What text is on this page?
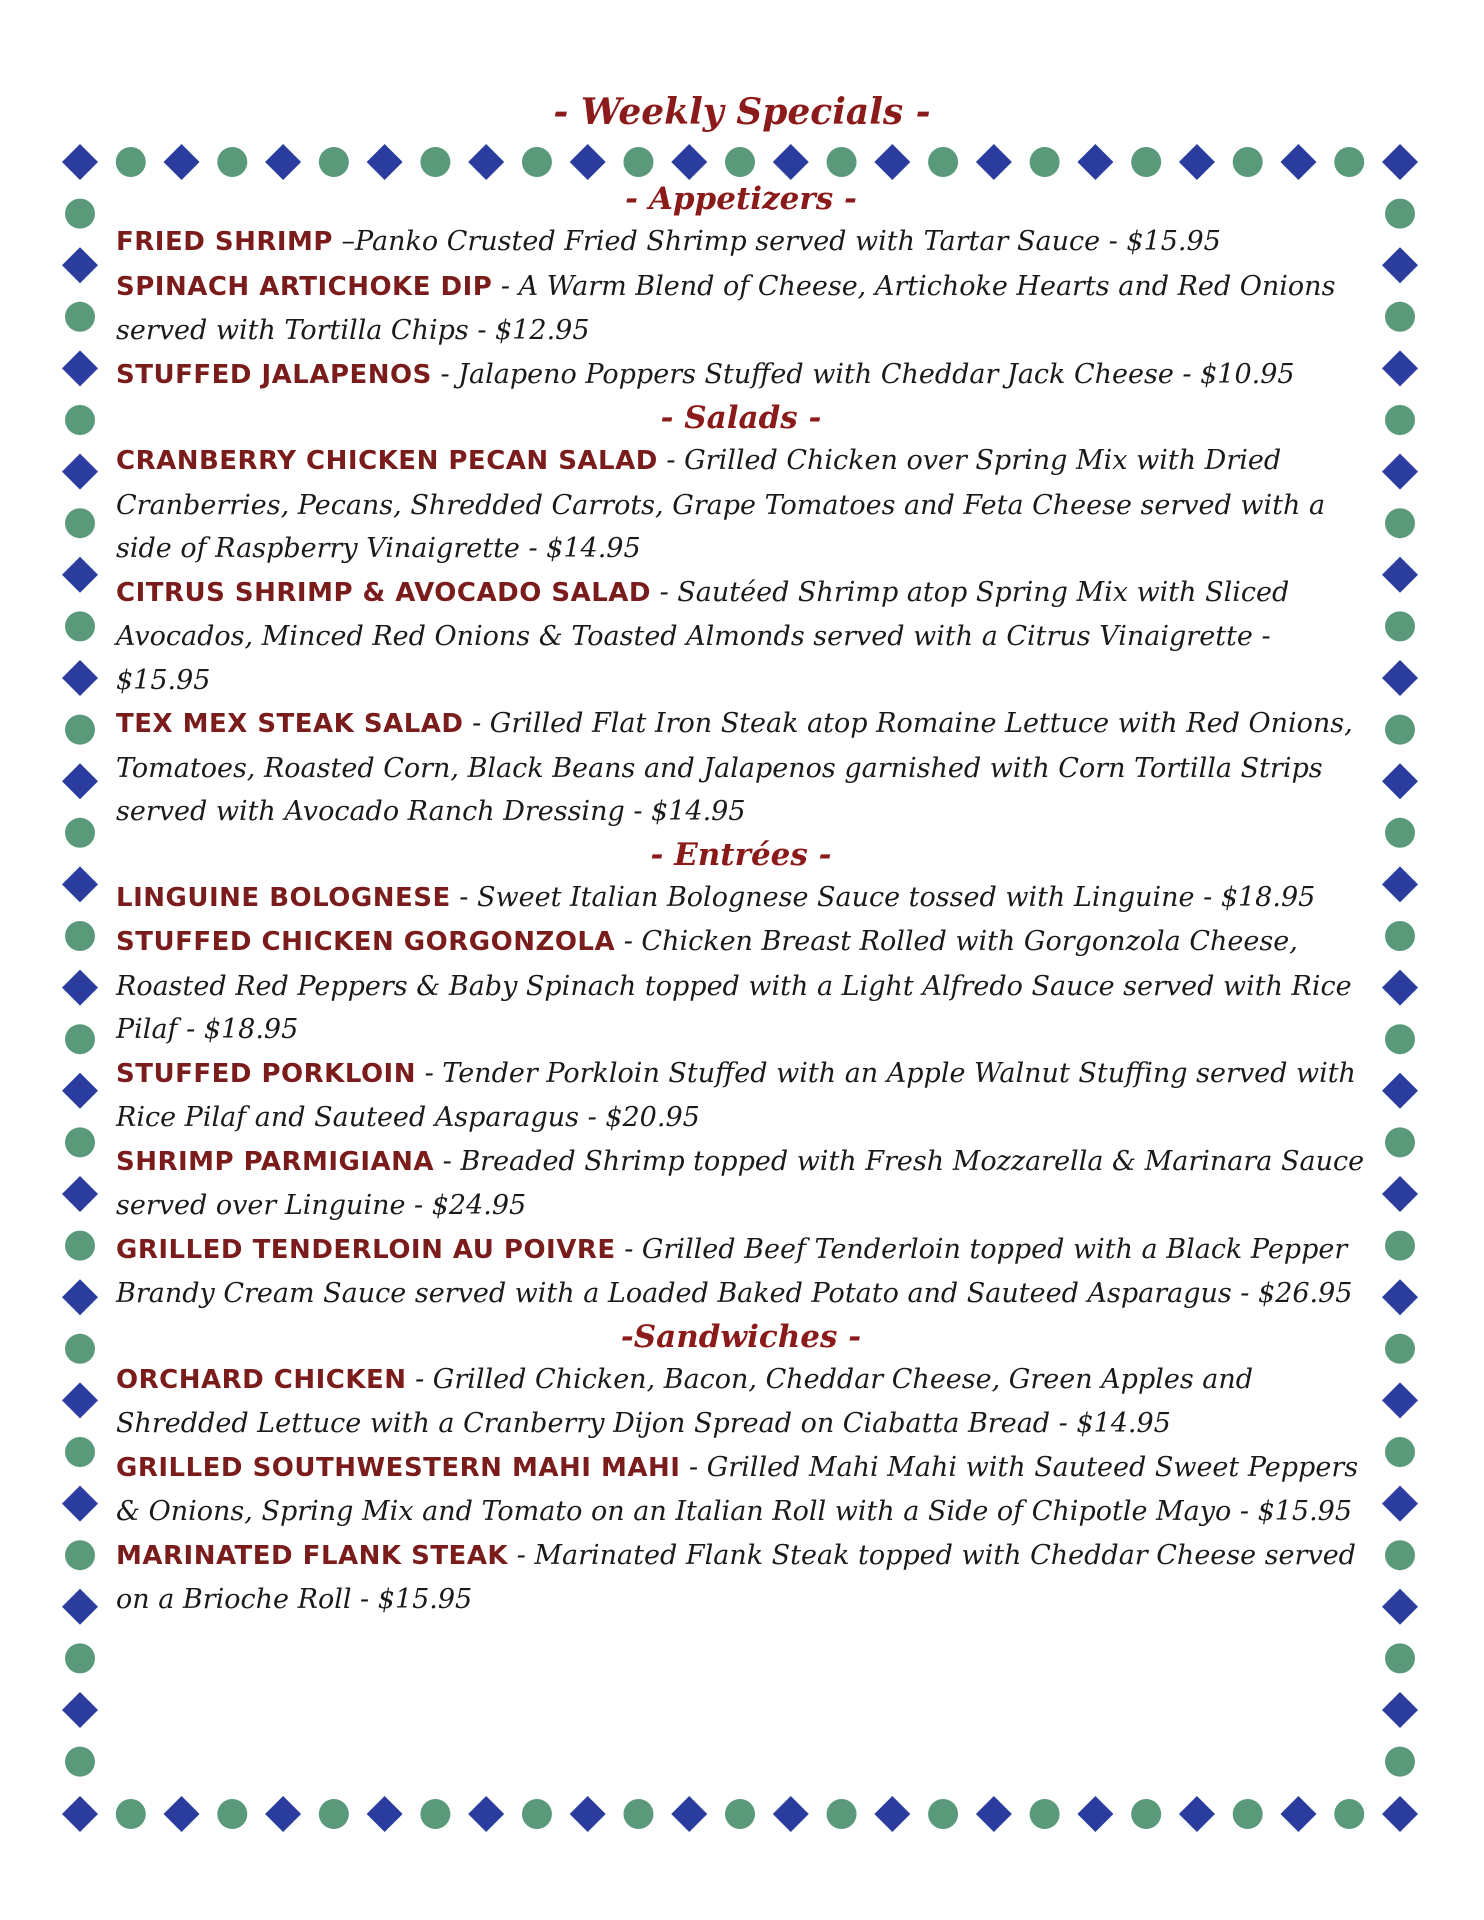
- Weekly Specials -
- Appetizers -
FRIED SHRIMP –Panko Crusted Fried Shrimp served with Tartar Sauce - $15.95
SPINACH ARTICHOKE DIP - A Warm Blend of Cheese, Artichoke Hearts and Red Onions served with Tortilla Chips - $12.95
STUFFED JALAPENOS - Jalapeno Poppers Stuffed with Cheddar Jack Cheese - $10.95
- Salads -
CRANBERRY CHICKEN PECAN SALAD - Grilled Chicken over Spring Mix with Dried Cranberries, Pecans, Shredded Carrots, Grape Tomatoes and Feta Cheese served with a side of Raspberry Vinaigrette - $14.95
CITRUS SHRIMP & AVOCADO SALAD - Sautéed Shrimp atop Spring Mix with Sliced Avocados, Minced Red Onions & Toasted Almonds served with a Citrus Vinaigrette - $15.95
TEX MEX STEAK SALAD - Grilled Flat Iron Steak atop Romaine Lettuce with Red Onions, Tomatoes, Roasted Corn, Black Beans and Jalapenos garnished with Corn Tortilla Strips served with Avocado Ranch Dressing - $14.95
- Entrées -
LINGUINE BOLOGNESE - Sweet Italian Bolognese Sauce tossed with Linguine - $18.95
STUFFED CHICKEN GORGONZOLA - Chicken Breast Rolled with Gorgonzola Cheese, Roasted Red Peppers & Baby Spinach topped with a Light Alfredo Sauce served with Rice Pilaf - $18.95
STUFFED PORKLOIN - Tender Porkloin Stuffed with an Apple Walnut Stuffing served with Rice Pilaf and Sauteed Asparagus - $20.95
SHRIMP PARMIGIANA - Breaded Shrimp topped with Fresh Mozzarella & Marinara Sauce served over Linguine - $24.95
GRILLED TENDERLOIN AU POIVRE - Grilled Beef Tenderloin topped with a Black Pepper Brandy Cream Sauce served with a Loaded Baked Potato and Sauteed Asparagus - $26.95
-Sandwiches -
ORCHARD CHICKEN - Grilled Chicken, Bacon, Cheddar Cheese, Green Apples and Shredded Lettuce with a Cranberry Dijon Spread on Ciabatta Bread - $14.95
GRILLED SOUTHWESTERN MAHI MAHI - Grilled Mahi Mahi with Sauteed Sweet Peppers & Onions, Spring Mix and Tomato on an Italian Roll with a Side of Chipotle Mayo - $15.95
MARINATED FLANK STEAK - Marinated Flank Steak topped with Cheddar Cheese served on a Brioche Roll - $15.95
